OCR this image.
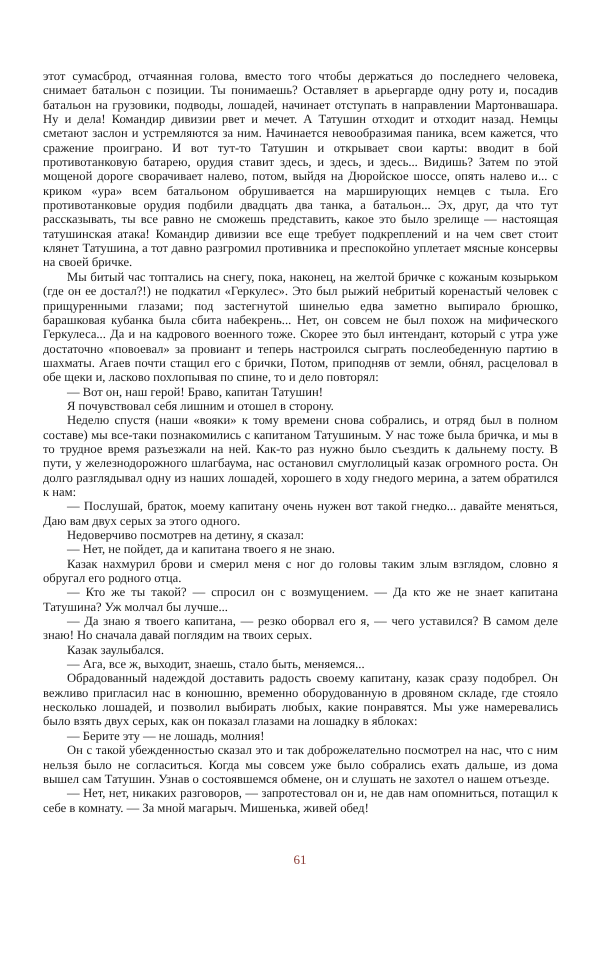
этот сумасброд, отчаянная голова, вместо того чтобы держаться до последнего человека, снимает батальон с позиции. Ты понимаешь? Оставляет в арьергарде одну роту и, посадив батальон на грузовики, подводы, лошадей, начинает отступать в направлении Мартонвашара. Ну и дела! Командир дивизии рвет и мечет. А Татушин отходит и отходит назад. Немцы сметают заслон и устремляются за ним. Начинается невообразимая паника, всем кажется, что сражение проиграно. И вот тут-то Татушин и открывает свои карты: вводит в бой противотанковую батарею, орудия ставит здесь, и здесь, и здесь... Видишь? Затем по этой мощеной дороге сворачивает налево, потом, выйдя на Дюройское шоссе, опять налево и... с криком «ура» всем батальоном обрушивается на марширующих немцев с тыла. Его противотанковые орудия подбили двадцать два танка, а батальон... Эх, друг, да что тут рассказывать, ты все равно не сможешь представить, какое это было зрелище — настоящая татушинская атака! Командир дивизии все еще требует подкреплений и на чем свет стоит клянет Татушина, а тот давно разгромил противника и преспокойно уплетает мясные консервы на своей бричке.

Мы битый час топтались на снегу, пока, наконец, на желтой бричке с кожаным козырьком (где он ее достал?!) не подкатил «Геркулес». Это был рыжий небритый коренастый человек с прищуренными глазами; под застегнутой шинелью едва заметно выпирало брюшко, барашковая кубанка была сбита набекрень... Нет, он совсем не был похож на мифического Геркулеса... Да и на кадрового военного тоже. Скорее это был интендант, который с утра уже достаточно «повоевал» за провиант и теперь настроился сыграть послеобеденную партию в шахматы. Агаев почти стащил его с брички, Потом, приподняв от земли, обнял, расцеловал в обе щеки и, ласково похлопывая по спине, то и дело повторял:

— Вот он, наш герой! Браво, капитан Татушин!

Я почувствовал себя лишним и отошел в сторону.

Неделю спустя (наши «вояки» к тому времени снова собрались, и отряд был в полном составе) мы все-таки познакомились с капитаном Татушиным. У нас тоже была бричка, и мы в то трудное время разъезжали на ней. Как-то раз нужно было съездить к дальнему посту. В пути, у железнодорожного шлагбаума, нас остановил смуглолицый казак огромного роста. Он долго разглядывал одну из наших лошадей, хорошего в ходу гнедого мерина, а затем обратился к нам:

— Послушай, браток, моему капитану очень нужен вот такой гнедко... давайте меняться, Даю вам двух серых за этого одного.

Недоверчиво посмотрев на детину, я сказал:

— Нет, не пойдет, да и капитана твоего я не знаю.

Казак нахмурил брови и смерил меня с ног до головы таким злым взглядом, словно я обругал его родного отца.

— Кто же ты такой? — спросил он с возмущением. — Да кто же не знает капитана Татушина? Уж молчал бы лучше...

— Да знаю я твоего капитана, — резко оборвал его я, — чего уставился? В самом деле знаю! Но сначала давай поглядим на твоих серых.

Казак заулыбался.

— Ага, все ж, выходит, знаешь, стало быть, меняемся...

Обрадованный надеждой доставить радость своему капитану, казак сразу подобрел. Он вежливо пригласил нас в конюшню, временно оборудованную в дровяном складе, где стояло несколько лошадей, и позволил выбирать любых, какие понравятся. Мы уже намеревались было взять двух серых, как он показал глазами на лошадку в яблоках:

— Берите эту — не лошадь, молния!

Он с такой убежденностью сказал это и так доброжелательно посмотрел на нас, что с ним нельзя было не согласиться. Когда мы совсем уже было собрались ехать дальше, из дома вышел сам Татушин. Узнав о состоявшемся обмене, он и слушать не захотел о нашем отъезде.

— Нет, нет, никаких разговоров, — запротестовал он и, не дав нам опомниться, потащил к себе в комнату. — За мной магарыч. Мишенька, живей обед!

61
